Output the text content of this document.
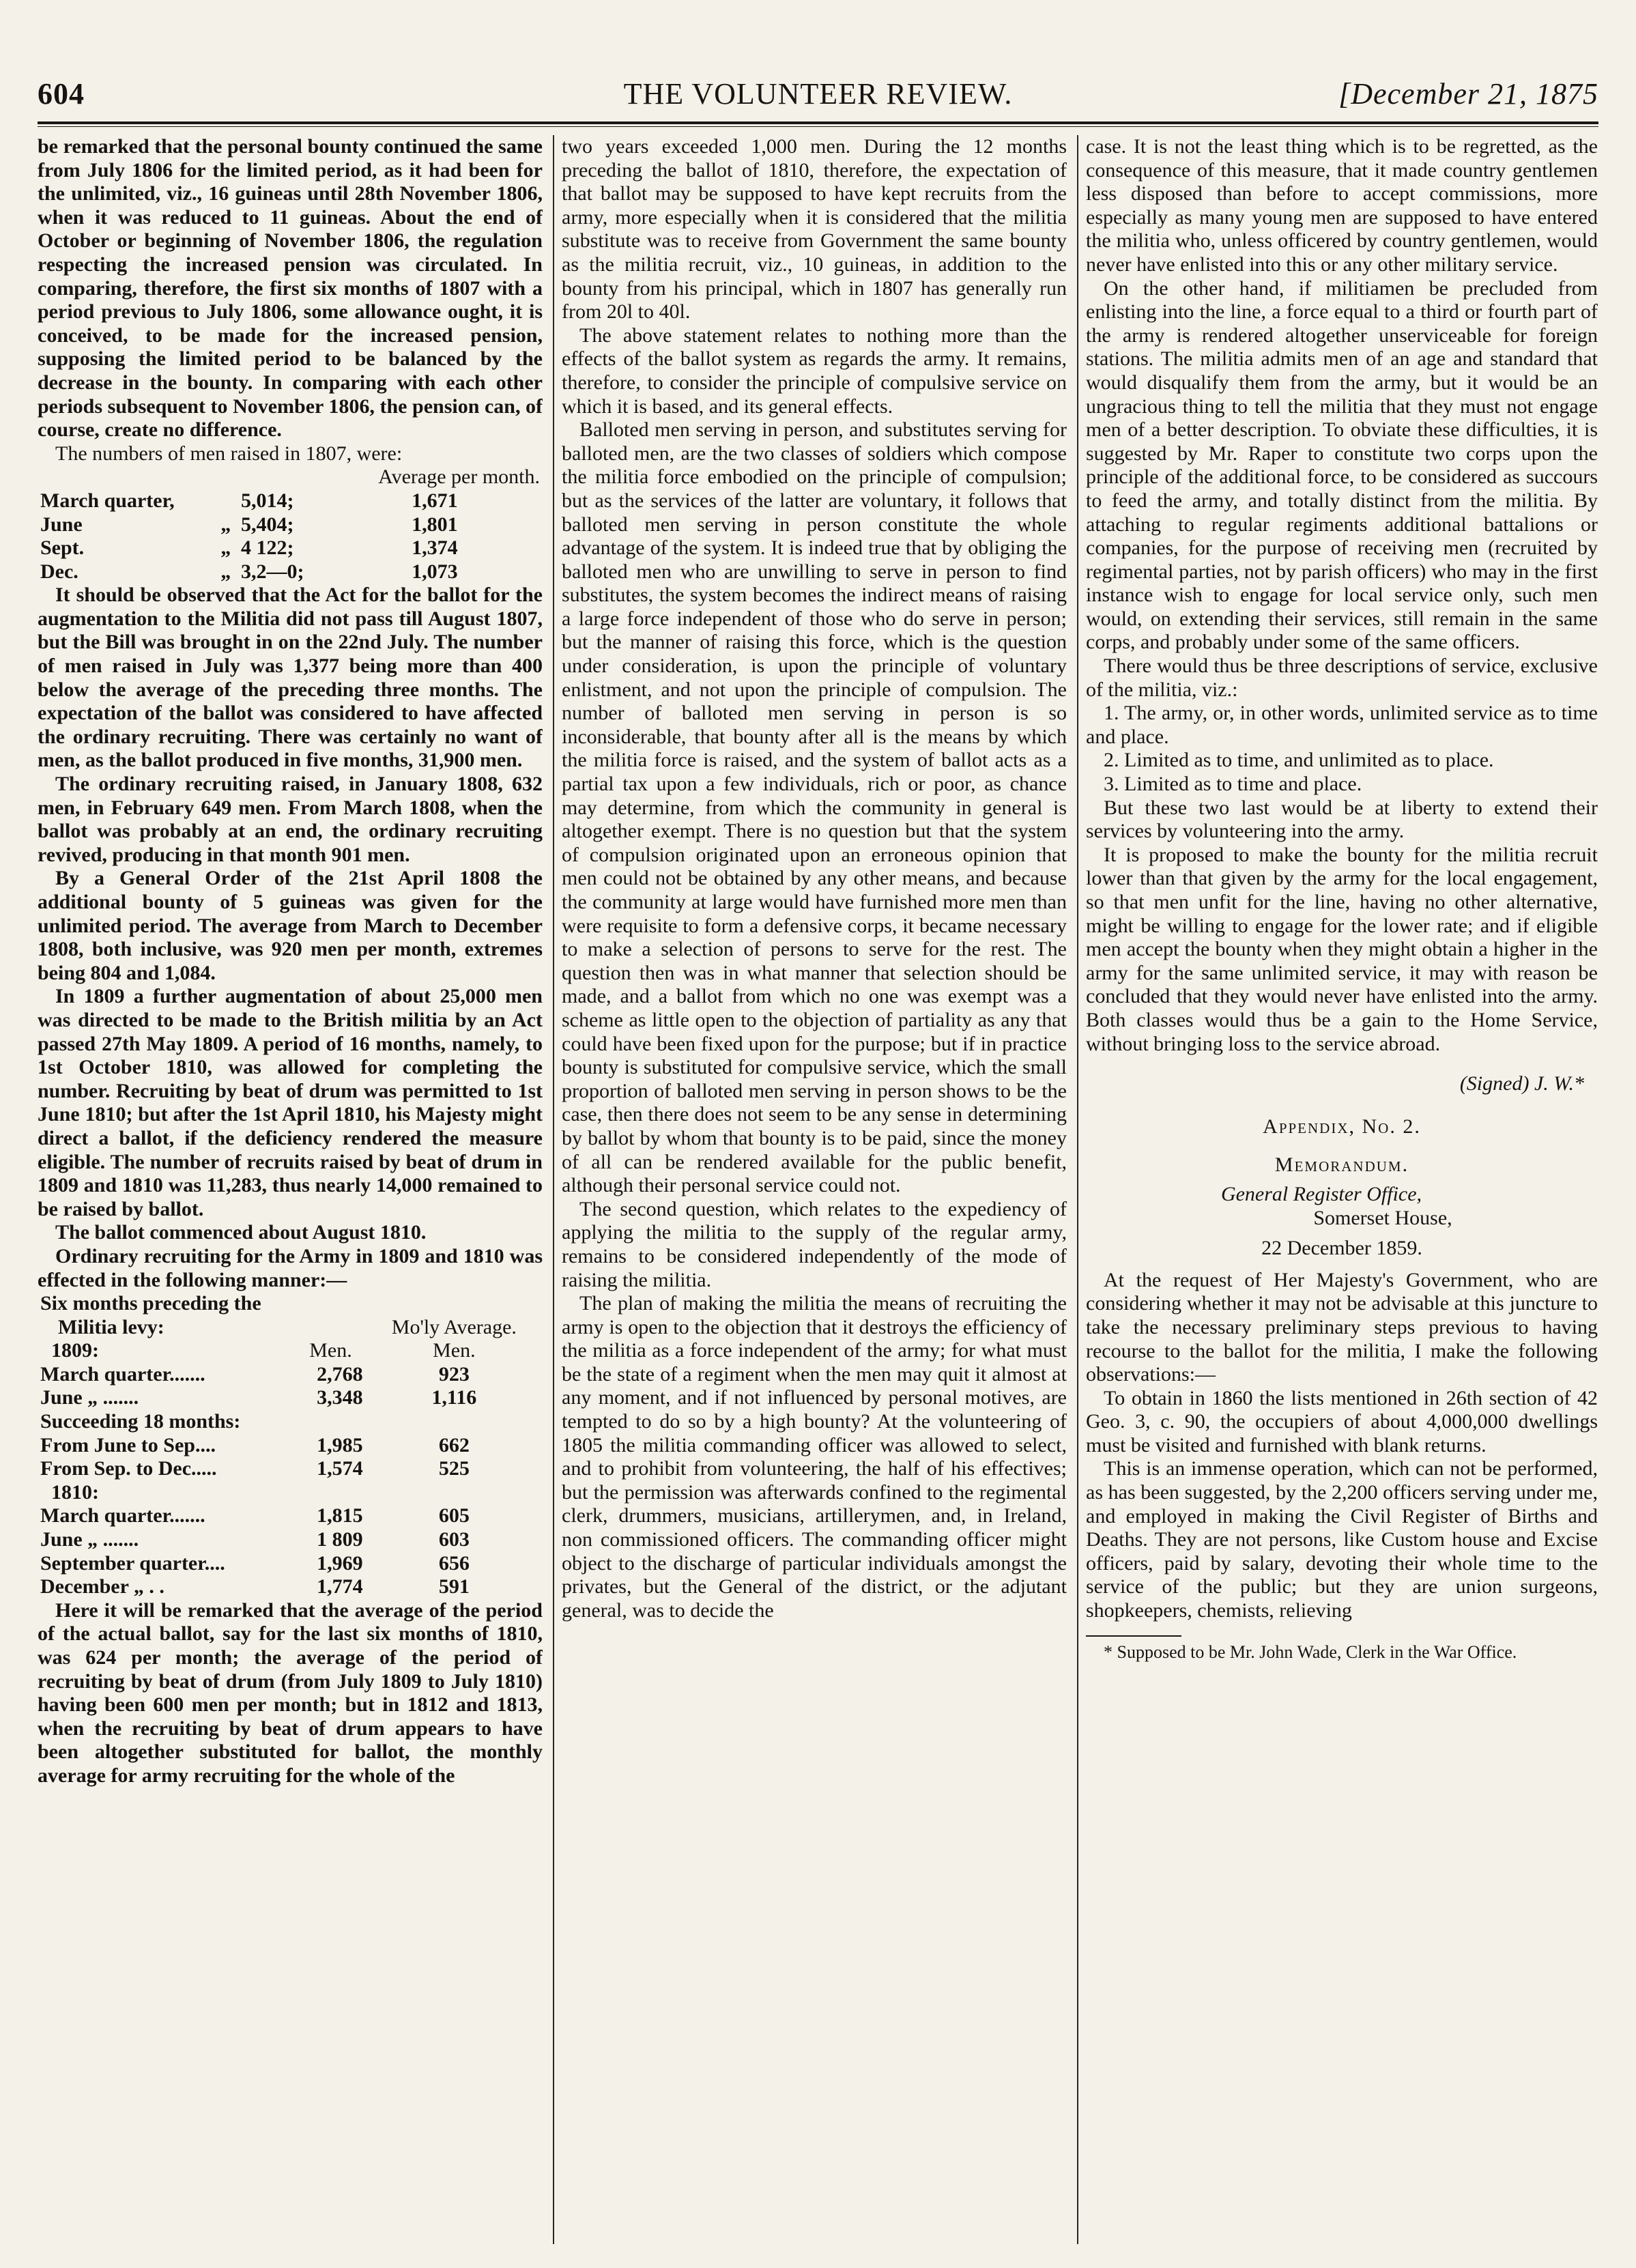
604	THE VOLUNTEER REVIEW.	[December 21, 1875

be remarked that the personal bounty continued the same from July 1806 for the limited period, as it had been for the unlimited, viz., 16 guineas until 28th November 1806, when it was reduced to 11 guineas. About the end of October or beginning of November 1806, the regulation respecting the increased pension was circulated. In comparing, therefore, the first six months of 1807 with a period previous to July 1806, some allowance ought, it is conceived, to be made for the increased pension, supposing the limited period to be balanced by the decrease in the bounty. In comparing with each other periods subsequent to November 1806, the pension can, of course, create no difference.

The numbers of men raised in 1807, were:

			Average per month.
March quarter,		5,014;	1,671
June	„	5,404;	1,801
Sept.	„	4 122;	1,374
Dec.	„	3,2—0;	1,073

It should be observed that the Act for the ballot for the augmentation to the Militia did not pass till August 1807, but the Bill was brought in on the 22nd July. The number of men raised in July was 1,377 being more than 400 below the average of the preceding three months. The expectation of the ballot was considered to have affected the ordinary recruiting. There was certainly no want of men, as the ballot produced in five months, 31,900 men.

The ordinary recruiting raised, in January 1808, 632 men, in February 649 men. From March 1808, when the ballot was probably at an end, the ordinary recruiting revived, producing in that month 901 men.

By a General Order of the 21st April 1808 the additional bounty of 5 guineas was given for the unlimited period. The average from March to December 1808, both inclusive, was 920 men per month, extremes being 804 and 1,084.

In 1809 a further augmentation of about 25,000 men was directed to be made to the British militia by an Act passed 27th May 1809. A period of 16 months, namely, to 1st October 1810, was allowed for completing the number. Recruiting by beat of drum was permitted to 1st June 1810; but after the 1st April 1810, his Majesty might direct a ballot, if the deficiency rendered the measure eligible. The number of recruits raised by beat of drum in 1809 and 1810 was 11,283, thus nearly 14,000 remained to be raised by ballot.

The ballot commenced about August 1810.

Ordinary recruiting for the Army in 1809 and 1810 was effected in the following manner:—

Six months preceding the		
Militia levy:		Mo'ly Average.
1809:	Men.	Men.
March quarter.......	2,768	923
June „ .......	3,348	1,116
Succeeding 18 months:		
From June to Sep....	1,985	662
From Sep. to Dec.....	1,574	525
1810:		
March quarter.......	1,815	605
June „ .......	1 809	603
September quarter....	1,969	656
December „ . .	1,774	591

Here it will be remarked that the average of the period of the actual ballot, say for the last six months of 1810, was 624 per month; the average of the period of recruiting by beat of drum (from July 1809 to July 1810) having been 600 men per month; but in 1812 and 1813, when the recruiting by beat of drum appears to have been altogether substituted for ballot, the monthly average for army recruiting for the whole of the

two years exceeded 1,000 men. During the 12 months preceding the ballot of 1810, therefore, the expectation of that ballot may be supposed to have kept recruits from the army, more especially when it is considered that the militia substitute was to receive from Government the same bounty as the militia recruit, viz., 10 guineas, in addition to the bounty from his principal, which in 1807 has generally run from 20l to 40l.

The above statement relates to nothing more than the effects of the ballot system as regards the army. It remains, therefore, to consider the principle of compulsive service on which it is based, and its general effects.

Balloted men serving in person, and substitutes serving for balloted men, are the two classes of soldiers which compose the militia force embodied on the principle of compulsion; but as the services of the latter are voluntary, it follows that balloted men serving in person constitute the whole advantage of the system. It is indeed true that by obliging the balloted men who are unwilling to serve in person to find substitutes, the system becomes the indirect means of raising a large force independent of those who do serve in person; but the manner of raising this force, which is the question under consideration, is upon the principle of voluntary enlistment, and not upon the principle of compulsion. The number of balloted men serving in person is so inconsiderable, that bounty after all is the means by which the militia force is raised, and the system of ballot acts as a partial tax upon a few individuals, rich or poor, as chance may determine, from which the community in general is altogether exempt. There is no question but that the system of compulsion originated upon an erroneous opinion that men could not be obtained by any other means, and because the community at large would have furnished more men than were requisite to form a defensive corps, it became necessary to make a selection of persons to serve for the rest. The question then was in what manner that selection should be made, and a ballot from which no one was exempt was a scheme as little open to the objection of partiality as any that could have been fixed upon for the purpose; but if in practice bounty is substituted for compulsive service, which the small proportion of balloted men serving in person shows to be the case, then there does not seem to be any sense in determining by ballot by whom that bounty is to be paid, since the money of all can be rendered available for the public benefit, although their personal service could not.

The second question, which relates to the expediency of applying the militia to the supply of the regular army, remains to be considered independently of the mode of raising the militia.

The plan of making the militia the means of recruiting the army is open to the objection that it destroys the efficiency of the militia as a force independent of the army; for what must be the state of a regiment when the men may quit it almost at any moment, and if not influenced by personal motives, are tempted to do so by a high bounty? At the volunteering of 1805 the militia commanding officer was allowed to select, and to prohibit from volunteering, the half of his effectives; but the permission was afterwards confined to the regimental clerk, drummers, musicians, artillerymen, and, in Ireland, non commissioned officers. The commanding officer might object to the discharge of particular individuals amongst the privates, but the General of the district, or the adjutant general, was to decide the

case. It is not the least thing which is to be regretted, as the consequence of this measure, that it made country gentlemen less disposed than before to accept commissions, more especially as many young men are supposed to have entered the militia who, unless officered by country gentlemen, would never have enlisted into this or any other military service.

On the other hand, if militiamen be precluded from enlisting into the line, a force equal to a third or fourth part of the army is rendered altogether unserviceable for foreign stations. The militia admits men of an age and standard that would disqualify them from the army, but it would be an ungracious thing to tell the militia that they must not engage men of a better description. To obviate these difficulties, it is suggested by Mr. Raper to constitute two corps upon the principle of the additional force, to be considered as succours to feed the army, and totally distinct from the militia. By attaching to regular regiments additional battalions or companies, for the purpose of receiving men (recruited by regimental parties, not by parish officers) who may in the first instance wish to engage for local service only, such men would, on extending their services, still remain in the same corps, and probably under some of the same officers.

There would thus be three descriptions of service, exclusive of the militia, viz.:

1. The army, or, in other words, unlimited service as to time and place.

2. Limited as to time, and unlimited as to place.

3. Limited as to time and place.

But these two last would be at liberty to extend their services by volunteering into the army.

It is proposed to make the bounty for the militia recruit lower than that given by the army for the local engagement, so that men unfit for the line, having no other alternative, might be willing to engage for the lower rate; and if eligible men accept the bounty when they might obtain a higher in the army for the same unlimited service, it may with reason be concluded that they would never have enlisted into the army. Both classes would thus be a gain to the Home Service, without bringing loss to the service abroad.

(Signed) J. W.*

Appendix, No. 2.

Memorandum.

General Register Office,

Somerset House,

22 December 1859.

At the request of Her Majesty's Government, who are considering whether it may not be advisable at this juncture to take the necessary preliminary steps previous to having recourse to the ballot for the militia, I make the following observations:—

To obtain in 1860 the lists mentioned in 26th section of 42 Geo. 3, c. 90, the occupiers of about 4,000,000 dwellings must be visited and furnished with blank returns.

This is an immense operation, which can not be performed, as has been suggested, by the 2,200 officers serving under me, and employed in making the Civil Register of Births and Deaths. They are not persons, like Custom house and Excise officers, paid by salary, devoting their whole time to the service of the public; but they are union surgeons, shopkeepers, chemists, relieving

* Supposed to be Mr. John Wade, Clerk in the War Office.
